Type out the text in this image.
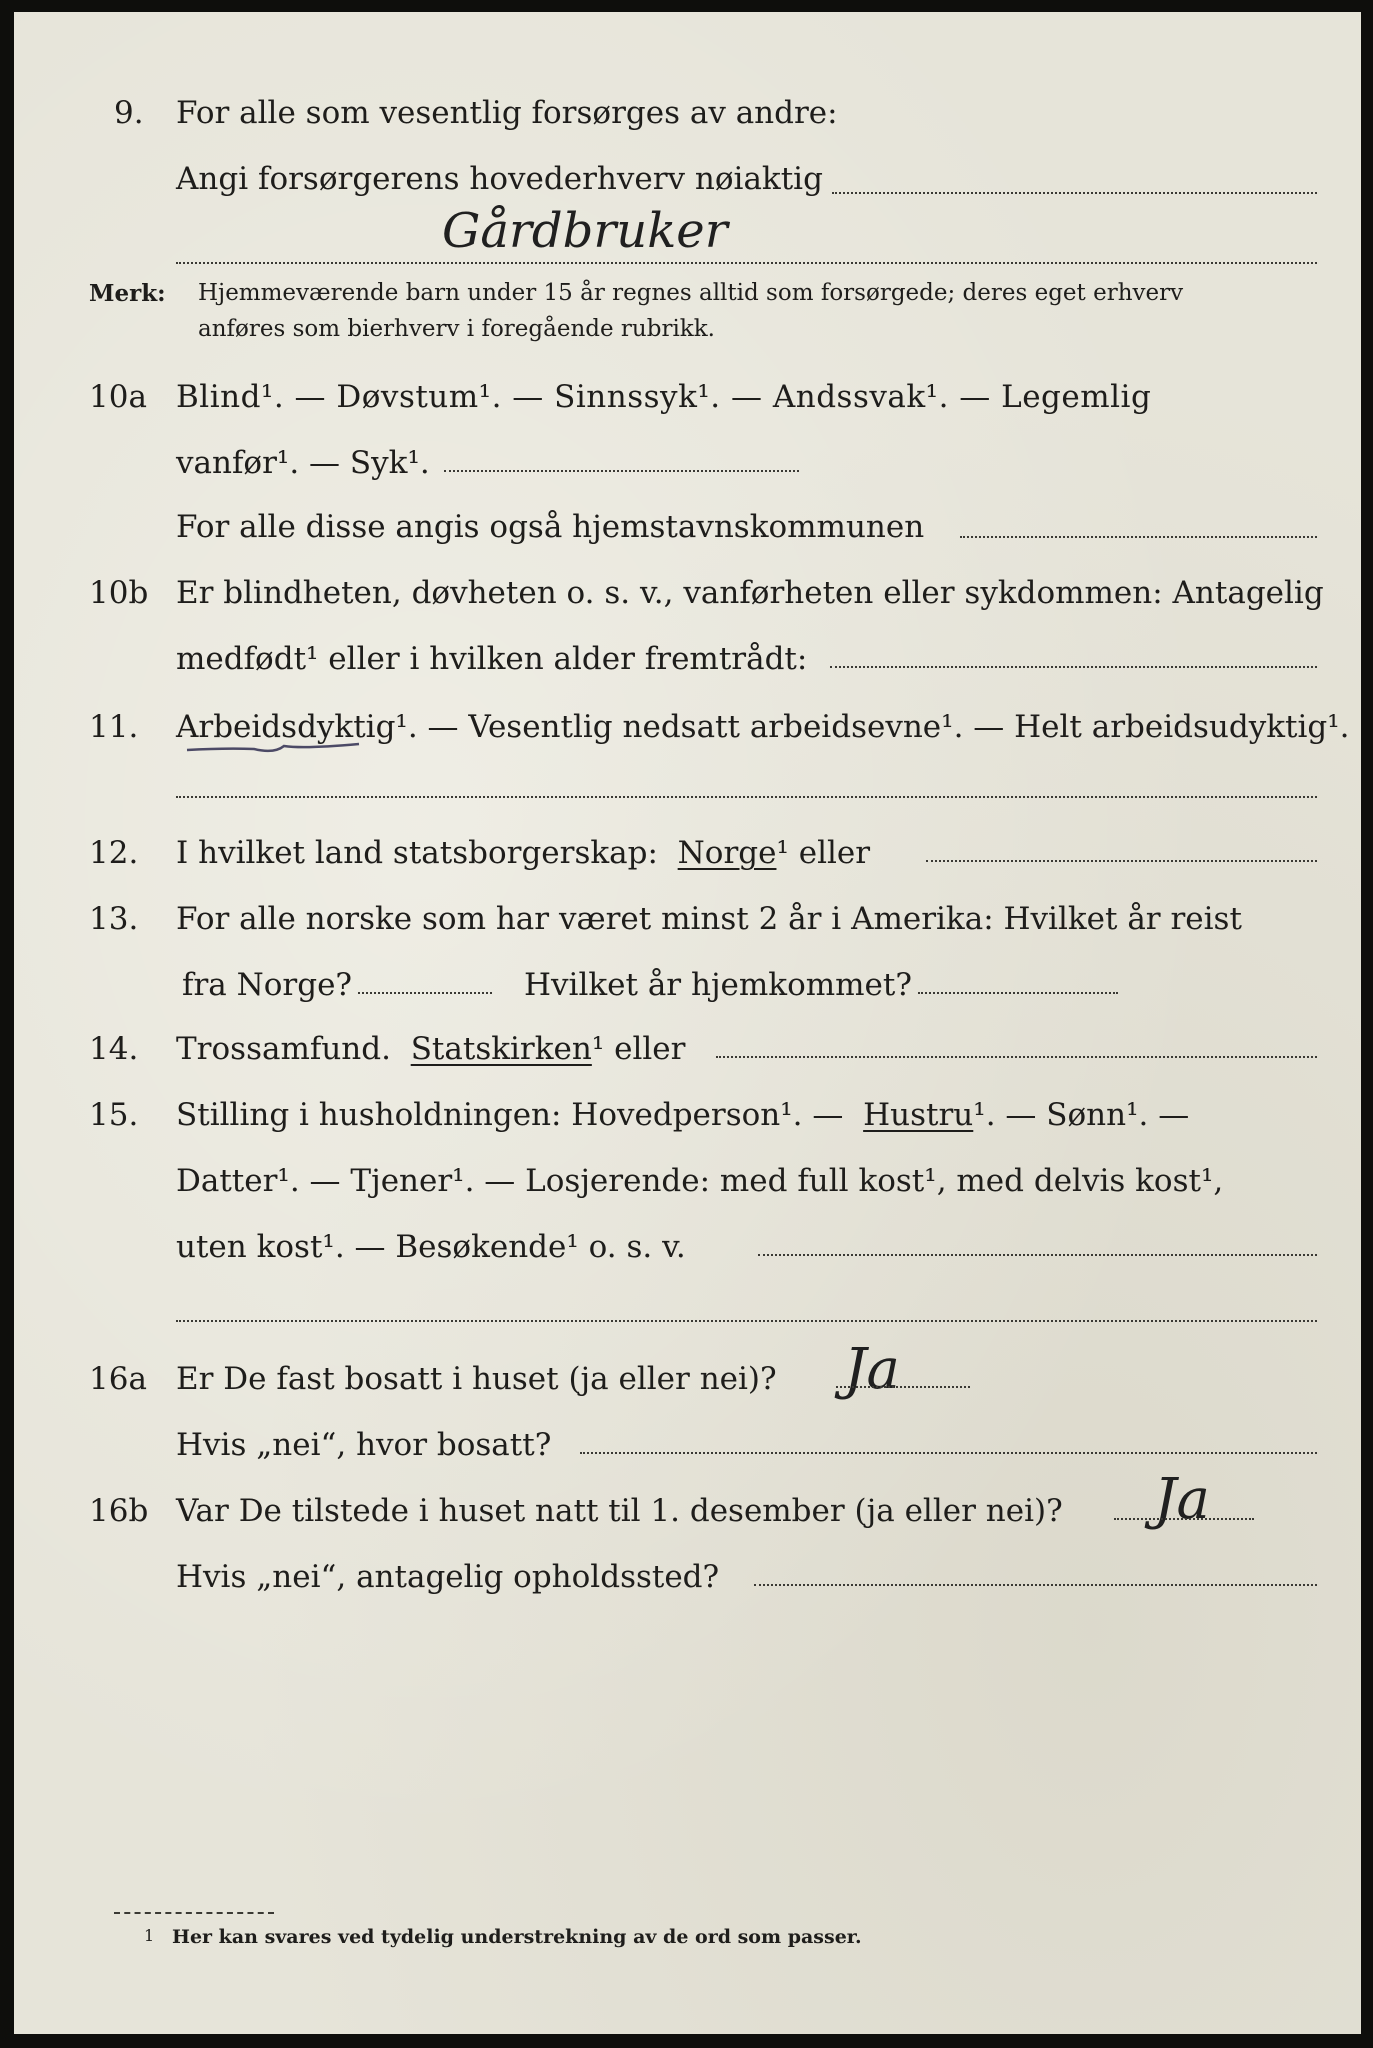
9. For alle som vesentlig forsørges av andre:
Angi forsørgerens hovederhverv nøiaktig
Gårdbruker
Merk: Hjemmeværende barn under 15 år regnes alltid som forsørgede; deres eget erhverv
anføres som bierhverv i foregående rubrikk.
10a Blind¹. — Døvstum¹. — Sinnssyk¹. — Andssvak¹. — Legemlig
vanfør¹. — Syk¹.
For alle disse angis også hjemstavnskommunen
10b Er blindheten, døvheten o. s. v., vanførheten eller sykdommen: Antagelig
medfødt¹ eller i hvilken alder fremtrådt:
11. Arbeidsdyktig¹. — Vesentlig nedsatt arbeidsevne¹. — Helt arbeidsudyktig¹.
12. I hvilket land statsborgerskap: Norge¹ eller
13. For alle norske som har været minst 2 år i Amerika: Hvilket år reist
fra Norge?	Hvilket år hjemkommet?
14. Trossamfund. Statskirken¹ eller
15. Stilling i husholdningen: Hovedperson¹. — Hustru¹. — Sønn¹. —
Datter¹. — Tjener¹. — Losjerende: med full kost¹, med delvis kost¹,
uten kost¹. — Besøkende¹ o. s. v.
16a Er De fast bosatt i huset (ja eller nei)? Ja
Hvis „nei“, hvor bosatt?
16b Var De tilstede i huset natt til 1. desember (ja eller nei)? Ja
Hvis „nei“, antagelig opholdssted?
1 Her kan svares ved tydelig understrekning av de ord som passer.
